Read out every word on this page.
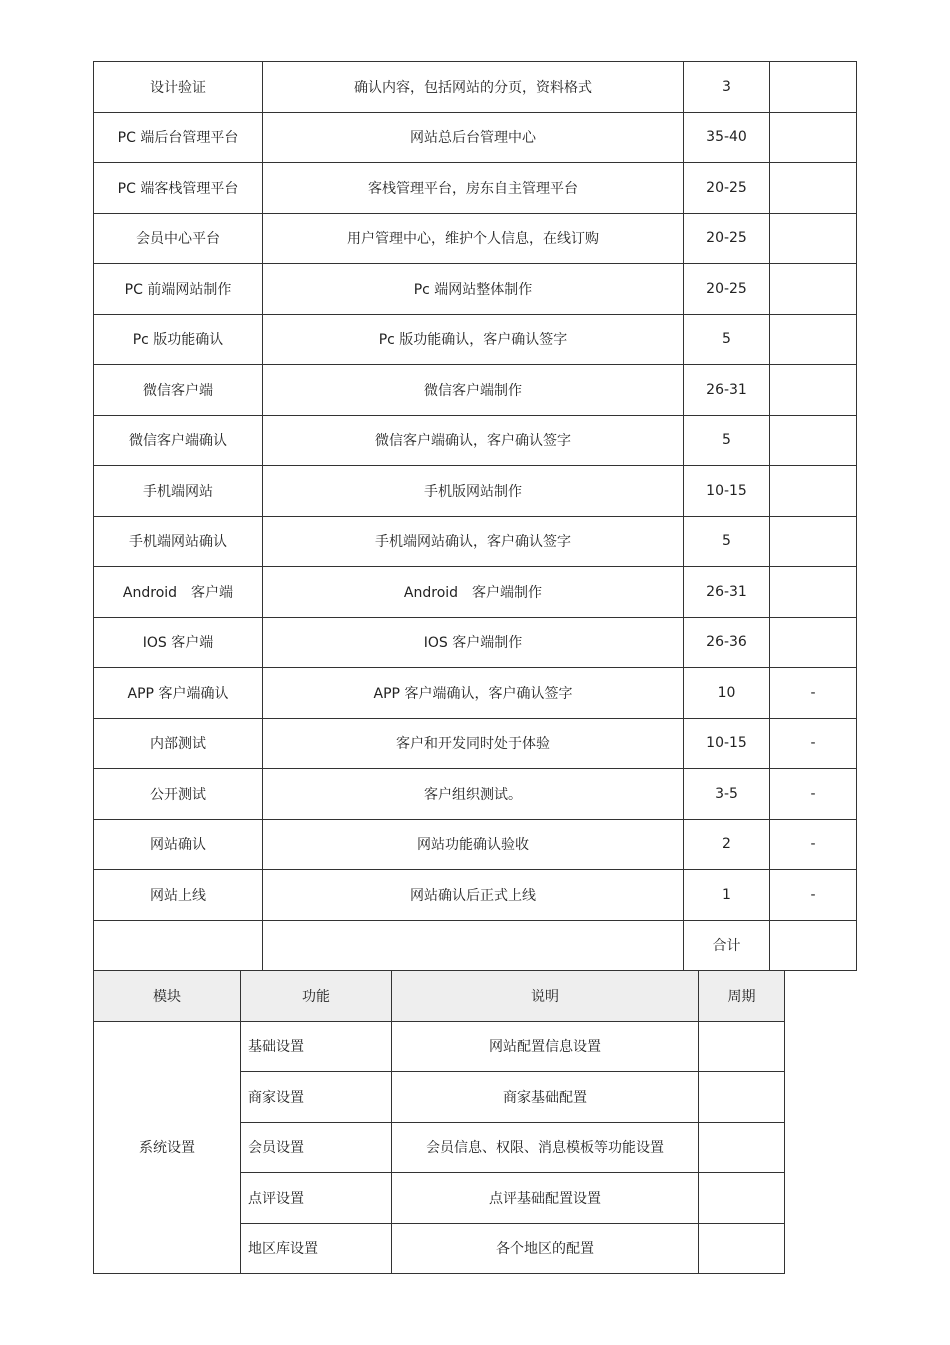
设计验证	确认内容，包括网站的分页，资料格式	3	
PC 端后台管理平台	网站总后台管理中心	35-40	
PC 端客栈管理平台	客栈管理平台，房东自主管理平台	20-25	
会员中心平台	用户管理中心，维护个人信息，在线订购	20-25	
PC 前端网站制作	Pc 端网站整体制作	20-25	
Pc 版功能确认	Pc 版功能确认，客户确认签字	5	
微信客户端	微信客户端制作	26-31	
微信客户端确认	微信客户端确认，客户确认签字	5	
手机端网站	手机版网站制作	10-15	
手机端网站确认	手机端网站确认，客户确认签字	5	
Android　客户端	Android　客户端制作	26-31	
IOS 客户端	IOS 客户端制作	26-36	
APP 客户端确认	APP 客户端确认，客户确认签字	10	-
内部测试	客户和开发同时处于体验	10-15	-
公开测试	客户组织测试。	3-5	-
网站确认	网站功能确认验收	2	-
网站上线	网站确认后正式上线	1	-
		合计	
模块	功能	说明	周期
系统设置	基础设置	网站配置信息设置	
	商家设置	商家基础配置	
	会员设置	会员信息、权限、消息模板等功能设置	
	点评设置	点评基础配置设置	
	地区库设置	各个地区的配置	
